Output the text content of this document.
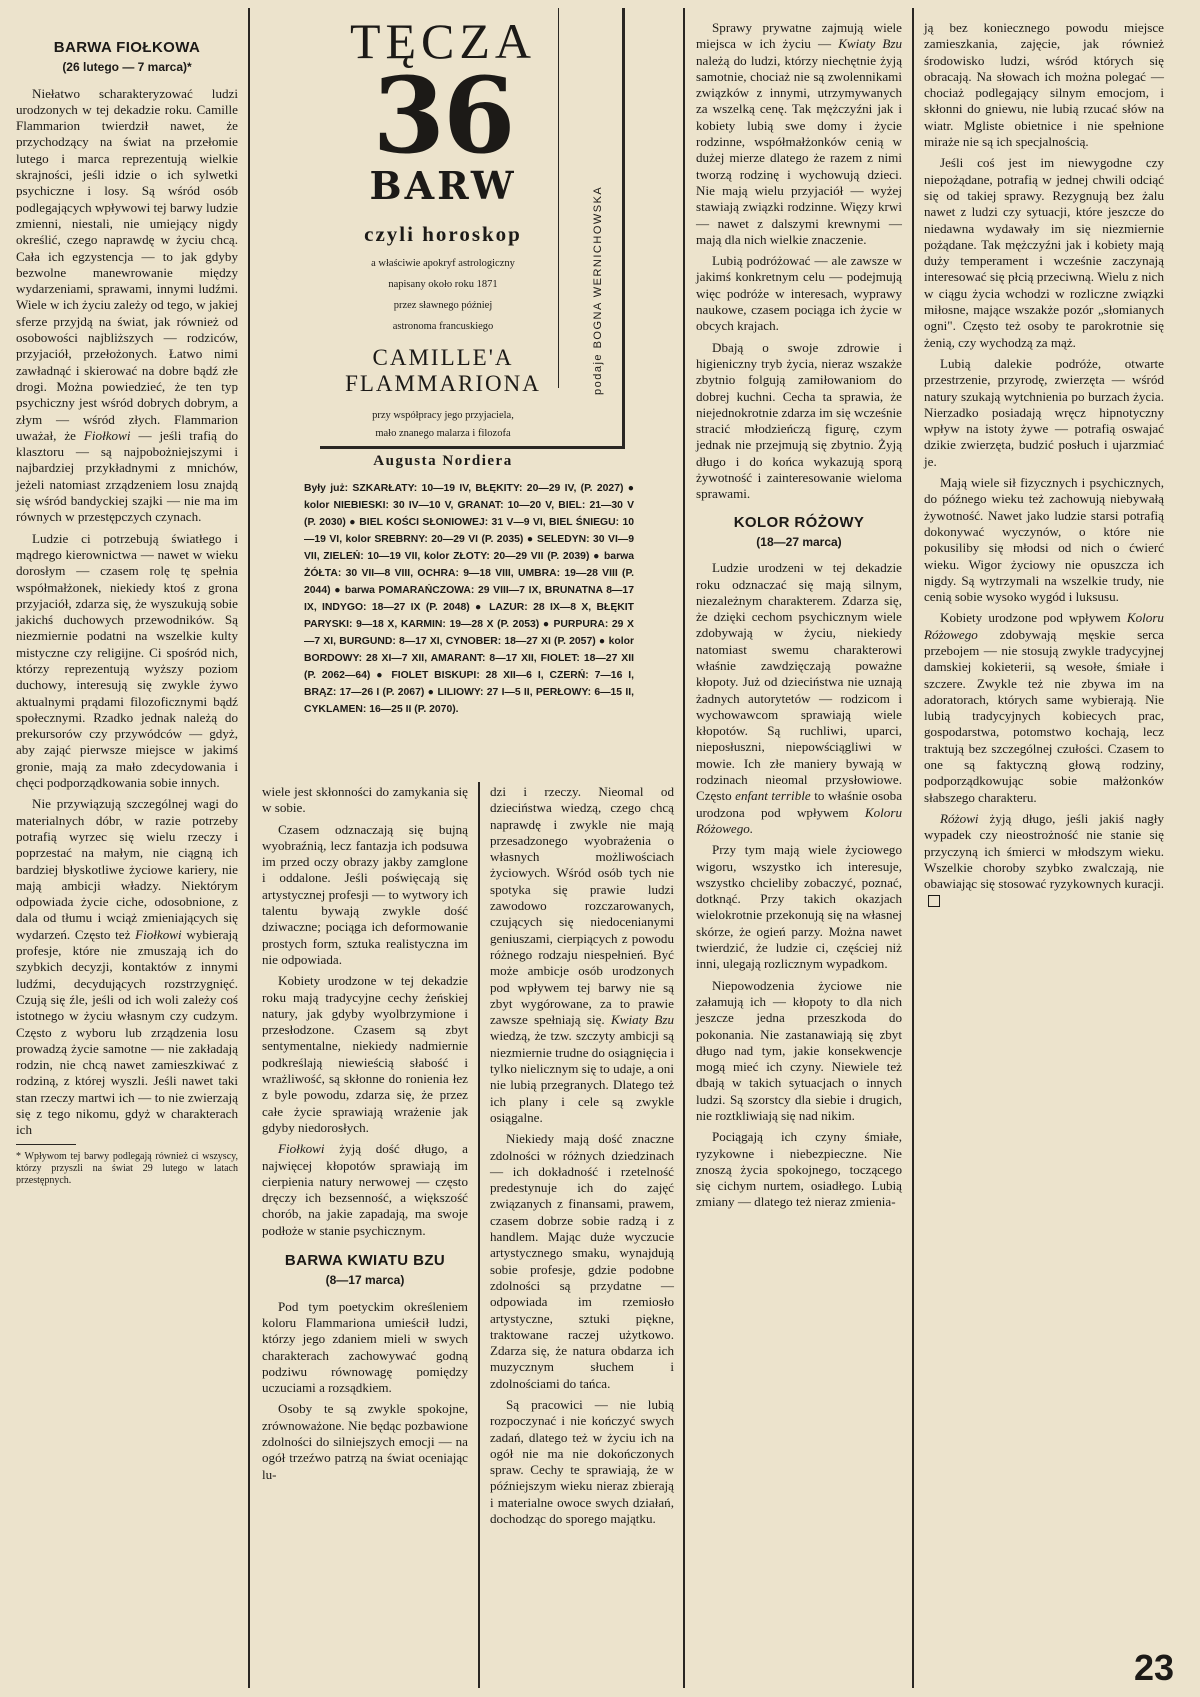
BARWA FIOŁKOWA
(26 lutego — 7 marca)*

Niełatwo scharakteryzować ludzi urodzonych w tej dekadzie roku. Camille Flammarion twierdził nawet, że przychodzący na świat na przełomie lutego i marca reprezentują wielkie skrajności, jeśli idzie o ich sylwetki psychiczne i losy. Są wśród osób podlegających wpływowi tej barwy ludzie zmienni, niestali, nie umiejący nigdy określić, czego naprawdę w życiu chcą. Cała ich egzystencja — to jak gdyby bezwolne manewrowanie między wydarzeniami, sprawami, innymi ludźmi. Wiele w ich życiu zależy od tego, w jakiej sferze przyjdą na świat, jak również od osobowości najbliższych — rodziców, przyjaciół, przełożonych. Łatwo nimi zawładnąć i skierować na dobre bądź złe drogi. Można powiedzieć, że ten typ psychiczny jest wśród dobrych dobrym, a złym — wśród złych. Flammarion uważał, że Fiołkowi — jeśli trafią do klasztoru — są najpobożniejszymi i najbardziej przykładnymi z mnichów, jeżeli natomiast zrządzeniem losu znajdą się wśród bandyckiej szajki — nie ma im równych w przestępczych czynach.

Ludzie ci potrzebują światłego i mądrego kierownictwa — nawet w wieku dorosłym — czasem rolę tę spełnia współmałżonek, niekiedy ktoś z grona przyjaciół, zdarza się, że wyszukują sobie jakichś duchowych przewodników. Są niezmiernie podatni na wszelkie kulty mistyczne czy religijne. Ci spośród nich, którzy reprezentują wyższy poziom duchowy, interesują się zwykle żywo aktualnymi prądami filozoficznymi bądź społecznymi. Rzadko jednak należą do prekursorów czy przywódców — gdyż, aby zająć pierwsze miejsce w jakimś gronie, mają za mało zdecydowania i chęci podporządkowania sobie innych.

Nie przywiązują szczególnej wagi do materialnych dóbr, w razie potrzeby potrafią wyrzec się wielu rzeczy i poprzestać na małym, nie ciągną ich bardziej błyskotliwe życiowe kariery, nie mają ambicji władzy. Niektórym odpowiada życie ciche, odosobnione, z dala od tłumu i wciąż zmieniających się wydarzeń. Często też Fiołkowi wybierają profesje, które nie zmuszają ich do szybkich decyzji, kontaktów z innymi ludźmi, decydujących rozstrzygnięć. Czują się źle, jeśli od ich woli zależy coś istotnego w życiu własnym czy cudzym. Często z wyboru lub zrządzenia losu prowadzą życie samotne — nie zakładają rodzin, nie chcą nawet zamieszkiwać z rodziną, z której wyszli. Jeśli nawet taki stan rzeczy martwi ich — to nie zwierzają się z tego nikomu, gdyż w charakterach ich

* Wpływom tej barwy podlegają również ci wszyscy, którzy przyszli na świat 29 lutego w latach przestępnych.

TĘCZA
36
BARW
czyli horoskop
a właściwie apokryf astrologiczny
napisany około roku 1871
przez sławnego później
astronoma francuskiego
CAMILLE'A
FLAMMARIONA
przy współpracy jego przyjaciela,
mało znanego malarza i filozofa
Augusta Nordiera
podaje BOGNA WERNICHOWSKA
Były już: SZKARŁATY: 10—19 IV, BŁĘKITY: 20—29 IV, (P. 2027) ● kolor NIEBIESKI: 30 IV—10 V, GRANAT: 10—20 V, BIEL: 21—30 V (P. 2030) ● BIEL KOŚCI SŁONIOWEJ: 31 V—9 VI, BIEL ŚNIEGU: 10—19 VI, kolor SREBRNY: 20—29 VI (P. 2035) ● SELEDYN: 30 VI—9 VII, ZIELEŃ: 10—19 VII, kolor ZŁOTY: 20—29 VII (P. 2039) ● barwa ŻÓŁTA: 30 VII—8 VIII, OCHRA: 9—18 VIII, UMBRA: 19—28 VIII (P. 2044) ● barwa POMARAŃCZOWA: 29 VIII—7 IX, BRUNATNA 8—17 IX, INDYGO: 18—27 IX (P. 2048) ● LAZUR: 28 IX—8 X, BŁĘKIT PARYSKI: 9—18 X, KARMIN: 19—28 X (P. 2053) ● PURPURA: 29 X—7 XI, BURGUND: 8—17 XI, CYNOBER: 18—27 XI (P. 2057) ● kolor BORDOWY: 28 XI—7 XII, AMARANT: 8—17 XII, FIOLET: 18—27 XII (P. 2062—64) ● FIOLET BISKUPI: 28 XII—6 I, CZERŃ: 7—16 I, BRĄZ: 17—26 I (P. 2067) ● LILIOWY: 27 I—5 II, PERŁOWY: 6—15 II, CYKLAMEN: 16—25 II (P. 2070).

wiele jest skłonności do zamykania się w sobie.

Czasem odznaczają się bujną wyobraźnią, lecz fantazja ich podsuwa im przed oczy obrazy jakby zamglone i oddalone. Jeśli poświęcają się artystycznej profesji — to wytwory ich talentu bywają zwykle dość dziwaczne; pociąga ich deformowanie prostych form, sztuka realistyczna im nie odpowiada.

Kobiety urodzone w tej dekadzie roku mają tradycyjne cechy żeńskiej natury, jak gdyby wyolbrzymione i przesłodzone. Czasem są zbyt sentymentalne, niekiedy nadmiernie podkreślają niewieścią słabość i wrażliwość, są skłonne do ronienia łez z byle powodu, zdarza się, że przez całe życie sprawiają wrażenie jak gdyby niedorosłych.

Fiołkowi żyją dość długo, a najwięcej kłopotów sprawiają im cierpienia natury nerwowej — często dręczy ich bezsenność, a większość chorób, na jakie zapadają, ma swoje podłoże w stanie psychicznym.

BARWA KWIATU BZU
(8—17 marca)

Pod tym poetyckim określeniem koloru Flammariona umieścił ludzi, którzy jego zdaniem mieli w swych charakterach zachowywać godną podziwu równowagę pomiędzy uczuciami a rozsądkiem.

Osoby te są zwykle spokojne, zrównoważone. Nie będąc pozbawione zdolności do silniejszych emocji — na ogół trzeźwo patrzą na świat oceniając lu-

dzi i rzeczy. Nieomal od dzieciństwa wiedzą, czego chcą naprawdę i zwykle nie mają przesadzonego wyobrażenia o własnych możliwościach życiowych. Wśród osób tych nie spotyka się prawie ludzi zawodowo rozczarowanych, czujących się niedocenianymi geniuszami, cierpiących z powodu różnego rodzaju niespełnień. Być może ambicje osób urodzonych pod wpływem tej barwy nie są zbyt wygórowane, za to prawie zawsze spełniają się. Kwiaty Bzu wiedzą, że tzw. szczyty ambicji są niezmiernie trudne do osiągnięcia i tylko nielicznym się to udaje, a oni nie lubią przegranych. Dlatego też ich plany i cele są zwykle osiągalne.

Niekiedy mają dość znaczne zdolności w różnych dziedzinach — ich dokładność i rzetelność predestynuje ich do zajęć związanych z finansami, prawem, czasem dobrze sobie radzą i z handlem. Mając duże wyczucie artystycznego smaku, wynajdują sobie profesje, gdzie podobne zdolności są przydatne — odpowiada im rzemiosło artystyczne, sztuki piękne, traktowane raczej użytkowo. Zdarza się, że natura obdarza ich muzycznym słuchem i zdolnościami do tańca.

Są pracowici — nie lubią rozpoczynać i nie kończyć swych zadań, dlatego też w życiu ich na ogół nie ma nie dokończonych spraw. Cechy te sprawiają, że w późniejszym wieku nieraz zbierają i materialne owoce swych działań, dochodząc do sporego majątku.

Sprawy prywatne zajmują wiele miejsca w ich życiu — Kwiaty Bzu należą do ludzi, którzy niechętnie żyją samotnie, chociaż nie są zwolennikami związków z innymi, utrzymywanych za wszelką cenę. Tak mężczyźni jak i kobiety lubią swe domy i życie rodzinne, współmałżonków cenią w dużej mierze dlatego że razem z nimi tworzą rodzinę i wychowują dzieci. Nie mają wielu przyjaciół — wyżej stawiają związki rodzinne. Więzy krwi — nawet z dalszymi krewnymi — mają dla nich wielkie znaczenie.

Lubią podróżować — ale zawsze w jakimś konkretnym celu — podejmują więc podróże w interesach, wyprawy naukowe, czasem pociąga ich życie w obcych krajach.

Dbają o swoje zdrowie i higieniczny tryb życia, nieraz wszakże zbytnio folgują zamiłowaniom do dobrej kuchni. Cecha ta sprawia, że niejednokrotnie zdarza im się wcześnie stracić młodzieńczą figurę, czym jednak nie przejmują się zbytnio. Żyją długo i do końca wykazują sporą żywotność i zainteresowanie wieloma sprawami.

KOLOR RÓŻOWY
(18—27 marca)

Ludzie urodzeni w tej dekadzie roku odznaczać się mają silnym, niezależnym charakterem. Zdarza się, że dzięki cechom psychicznym wiele zdobywają w życiu, niekiedy natomiast swemu charakterowi właśnie zawdzięczają poważne kłopoty. Już od dzieciństwa nie uznają żadnych autorytetów — rodzicom i wychowawcom sprawiają wiele kłopotów. Są ruchliwi, uparci, nieposłuszni, niepowściągliwi w mowie. Ich złe maniery bywają w rodzinach nieomal przysłowiowe. Często enfant terrible to właśnie osoba urodzona pod wpływem Koloru Różowego.

Przy tym mają wiele życiowego wigoru, wszystko ich interesuje, wszystko chcieliby zobaczyć, poznać, dotknąć. Przy takich okazjach wielokrotnie przekonują się na własnej skórze, że ogień parzy. Można nawet twierdzić, że ludzie ci, częściej niż inni, ulegają rozlicznym wypadkom.

Niepowodzenia życiowe nie załamują ich — kłopoty to dla nich jeszcze jedna przeszkoda do pokonania. Nie zastanawiają się zbyt długo nad tym, jakie konsekwencje mogą mieć ich czyny. Niewiele też dbają w takich sytuacjach o innych ludzi. Są szorstcy dla siebie i drugich, nie roztkliwiają się nad nikim.

Pociągają ich czyny śmiałe, ryzykowne i niebezpieczne. Nie znoszą życia spokojnego, toczącego się cichym nurtem, osiadłego. Lubią zmiany — dlatego też nieraz zmienia-

ją bez koniecznego powodu miejsce zamieszkania, zajęcie, jak również środowisko ludzi, wśród których się obracają. Na słowach ich można polegać — chociaż podlegający silnym emocjom, i skłonni do gniewu, nie lubią rzucać słów na wiatr. Mgliste obietnice i nie spełnione miraże nie są ich specjalnością.

Jeśli coś jest im niewygodne czy niepożądane, potrafią w jednej chwili odciąć się od takiej sprawy. Rezygnują bez żalu nawet z ludzi czy sytuacji, które jeszcze do niedawna wydawały im się niezmiernie pożądane. Tak mężczyźni jak i kobiety mają duży temperament i wcześnie zaczynają interesować się płcią przeciwną. Wielu z nich w ciągu życia wchodzi w rozliczne związki miłosne, mające wszakże pozór „słomianych ogni". Często też osoby te parokrotnie się żenią, czy wychodzą za mąż.

Lubią dalekie podróże, otwarte przestrzenie, przyrodę, zwierzęta — wśród natury szukają wytchnienia po burzach życia. Nierzadko posiadają wręcz hipnotyczny wpływ na istoty żywe — potrafią oswajać dzikie zwierzęta, budzić posłuch i ujarzmiać je.

Mają wiele sił fizycznych i psychicznych, do późnego wieku też zachowują niebywałą żywotność. Nawet jako ludzie starsi potrafią dokonywać wyczynów, o które nie pokusiliby się młodsi od nich o ćwierć wieku. Wigor życiowy nie opuszcza ich nigdy. Są wytrzymali na wszelkie trudy, nie cenią sobie wysoko wygód i luksusu.

Kobiety urodzone pod wpływem Koloru Różowego zdobywają męskie serca przebojem — nie stosują zwykle tradycyjnej damskiej kokieterii, są wesołe, śmiałe i szczere. Zwykle też nie zbywa im na adoratorach, których same wybierają. Nie lubią tradycyjnych kobiecych prac, gospodarstwa, potomstwo kochają, lecz traktują bez szczególnej czułości. Czasem to one są faktyczną głową rodziny, podporządkowując sobie małżonków słabszego charakteru.

Różowi żyją długo, jeśli jakiś nagły wypadek czy nieostrożność nie stanie się przyczyną ich śmierci w młodszym wieku. Wszelkie choroby szybko zwalczają, nie obawiając się stosować ryzykownych kuracji.

23
